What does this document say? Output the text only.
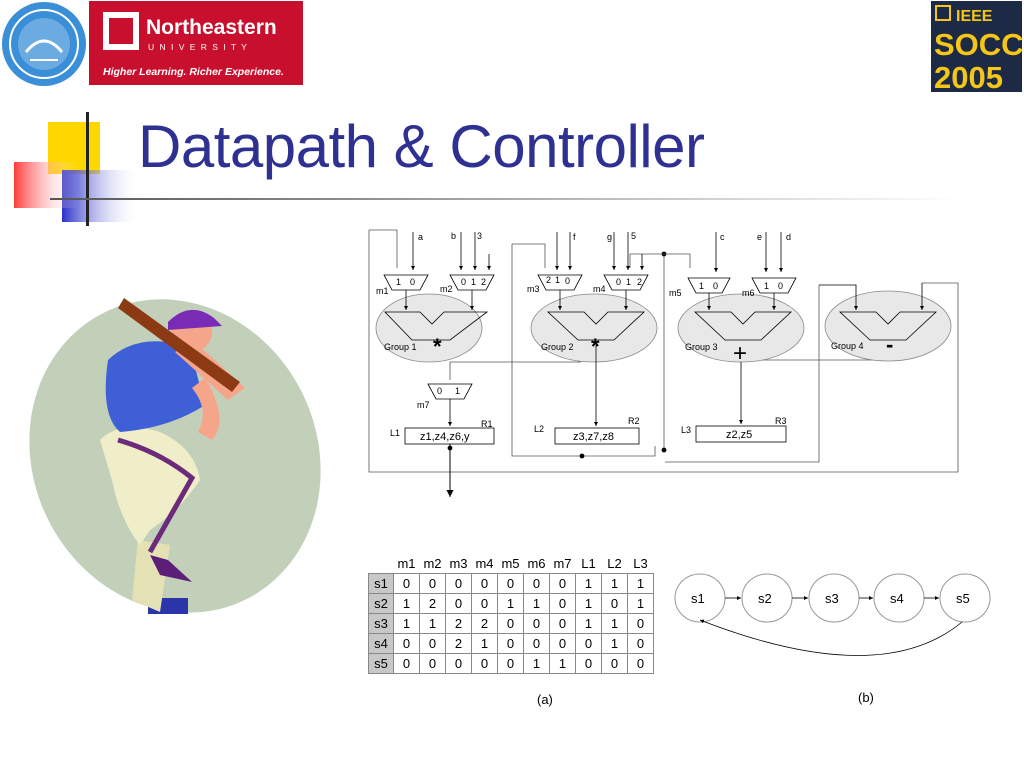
Northeastern
U N I V E R S I T Y
Higher Learning. Richer Experience.
IEEE
SOCC
2005
a	b 3	f	g 5	c	e	d
1 0	0 1 2	2 1 0	0 1 2	1 0	1 0
0 1
m1	m2	m3	m4	m5	m6
m7
Group 1	Group 2	Group 3	Group 4
*	*	+	-
L1
R1
z1,z4,z6,y
L2
R2
z3,z7,z8
L3
R3
z2,z5
s1	s2	s3	s4	s5
(b)
(a)
Datapath & Controller
	m1	m2	m3	m4	m5	m6	m7	L1	L2	L3
s1	0	0	0	0	0	0	0	1	1	1
s2	1	2	0	0	1	1	0	1	0	1
s3	1	1	2	2	0	0	0	1	1	0
s4	0	0	2	1	0	0	0	0	1	0
s5	0	0	0	0	0	1	1	0	0	0
